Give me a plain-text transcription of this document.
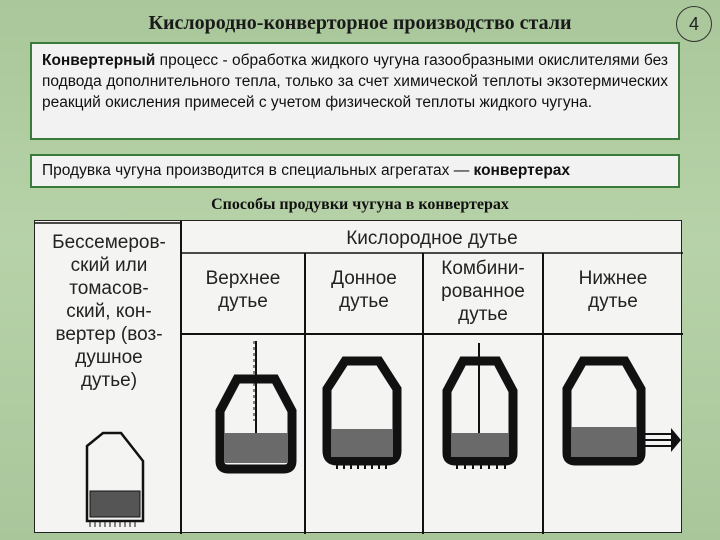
Кислородно-конверторное производство стали	4
Конвертерный процесс - обработка жидкого чугуна газообразными окислителями без подвода дополнительного тепла, только за счет химической теплоты экзотермических реакций окисления примесей с учетом физической теплоты жидкого чугуна.
Продувка чугуна производится в специальных агрегатах — конвертерах
Способы продувки чугуна в конвертерах
Бессемеров-
ский или
томасов-
ский, кон-
вертер (воз-
душное
дутье)
Кислородное дутье
Верхнее
дутье
Донное
дутье
Комбини-
рованное
дутье
Нижнее
дутье
